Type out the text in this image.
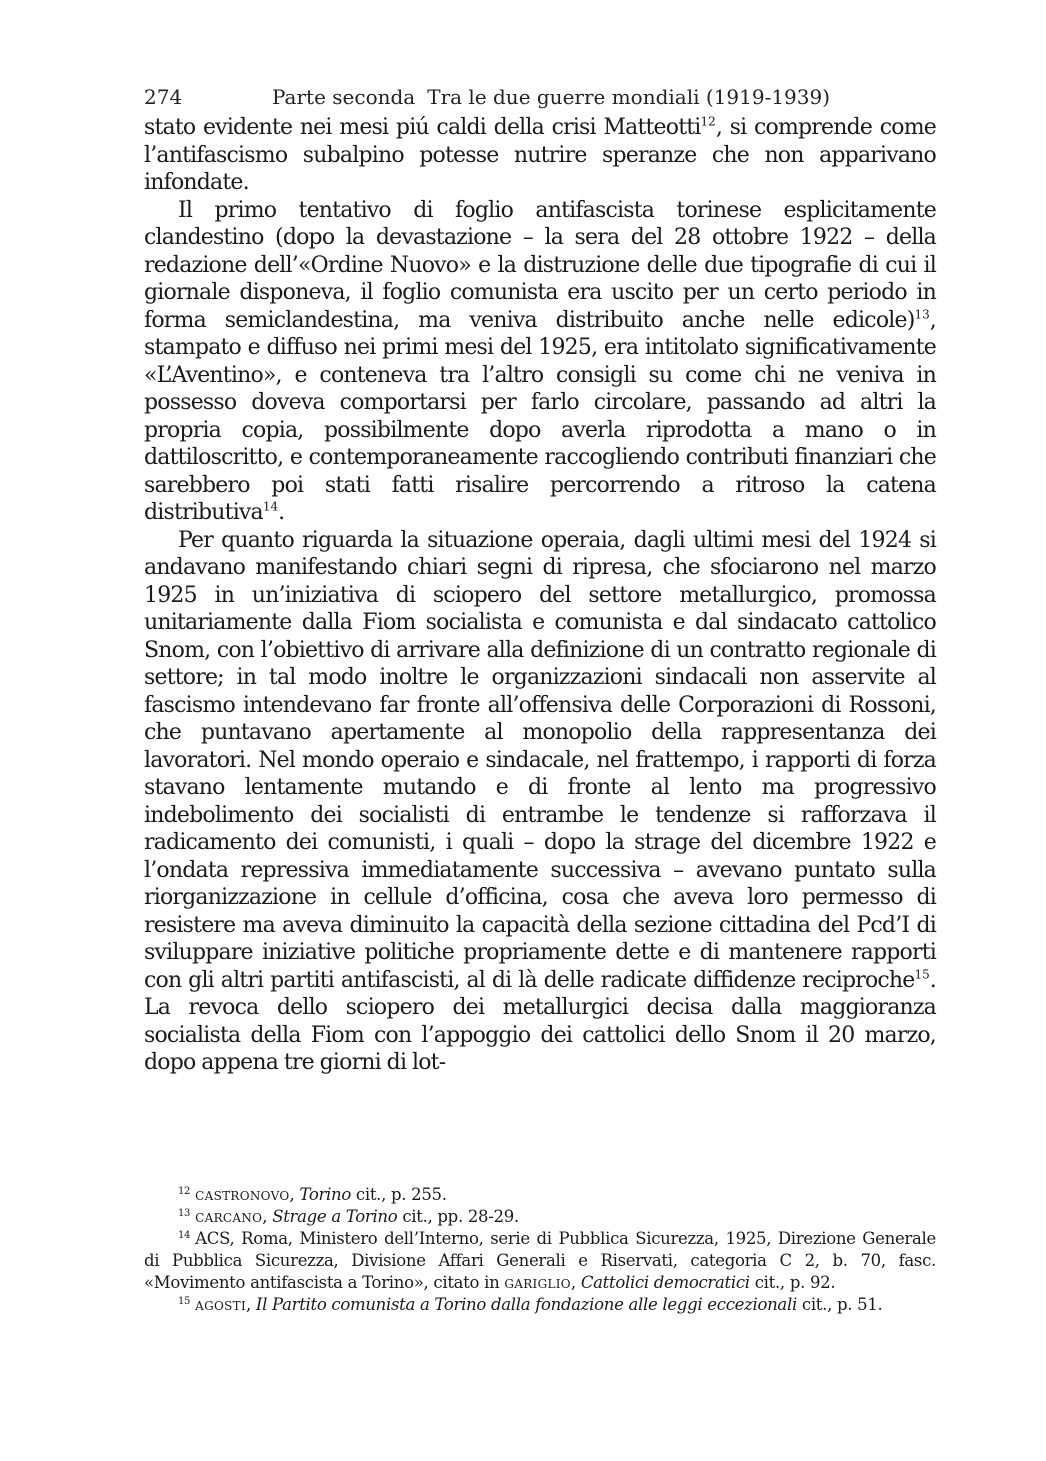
274	Parte seconda Tra le due guerre mondiali (1919-1939)

stato evidente nei mesi piú caldi della crisi Matteotti$^{12}$, si comprende come l’antifascismo subalpino potesse nutrire speranze che non apparivano infondate.

Il primo tentativo di foglio antifascista torinese esplicitamente clandestino (dopo la devastazione – la sera del 28 ottobre 1922 – della redazione dell’«Ordine Nuovo» e la distruzione delle due tipografie di cui il giornale disponeva, il foglio comunista era uscito per un certo periodo in forma semiclandestina, ma veniva distribuito anche nelle edicole)$^{13}$, stampato e diffuso nei primi mesi del 1925, era intitolato significativamente «L’Aventino», e conteneva tra l’altro consigli su come chi ne veniva in possesso doveva comportarsi per farlo circolare, passando ad altri la propria copia, possibilmente dopo averla riprodotta a mano o in dattiloscritto, e contemporaneamente raccogliendo contributi finanziari che sarebbero poi stati fatti risalire percorrendo a ritroso la catena distributiva$^{14}$.

Per quanto riguarda la situazione operaia, dagli ultimi mesi del 1924 si andavano manifestando chiari segni di ripresa, che sfociarono nel marzo 1925 in un’iniziativa di sciopero del settore metallurgico, promossa unitariamente dalla Fiom socialista e comunista e dal sindacato cattolico Snom, con l’obiettivo di arrivare alla definizione di un contratto regionale di settore; in tal modo inoltre le organizzazioni sindacali non asservite al fascismo intendevano far fronte all’offensiva delle Corporazioni di Rossoni, che puntavano apertamente al monopolio della rappresentanza dei lavoratori. Nel mondo operaio e sindacale, nel frattempo, i rapporti di forza stavano lentamente mutando e di fronte al lento ma progressivo indebolimento dei socialisti di entrambe le tendenze si rafforzava il radicamento dei comunisti, i quali – dopo la strage del dicembre 1922 e l’ondata repressiva immediatamente successiva – avevano puntato sulla riorganizzazione in cellule d’officina, cosa che aveva loro permesso di resistere ma aveva diminuito la capacità della sezione cittadina del Pcd’I di sviluppare iniziative politiche propriamente dette e di mantenere rapporti con gli altri partiti antifascisti, al di là delle radicate diffidenze reciproche$^{15}$. La revoca dello sciopero dei metallurgici decisa dalla maggioranza socialista della Fiom con l’appoggio dei cattolici dello Snom il 20 marzo, dopo appena tre giorni di lot-

$^{12}$ castronovo, Torino cit., p. 255.

$^{13}$ carcano, Strage a Torino cit., pp. 28-29.

$^{14}$ ACS, Roma, Ministero dell’Interno, serie di Pubblica Sicurezza, 1925, Direzione Generale di Pubblica Sicurezza, Divisione Affari Generali e Riservati, categoria C 2, b. 70, fasc. «Movimento antifascista a Torino», citato in gariglio, Cattolici democratici cit., p. 92.

$^{15}$ agosti, Il Partito comunista a Torino dalla fondazione alle leggi eccezionali cit., p. 51.
